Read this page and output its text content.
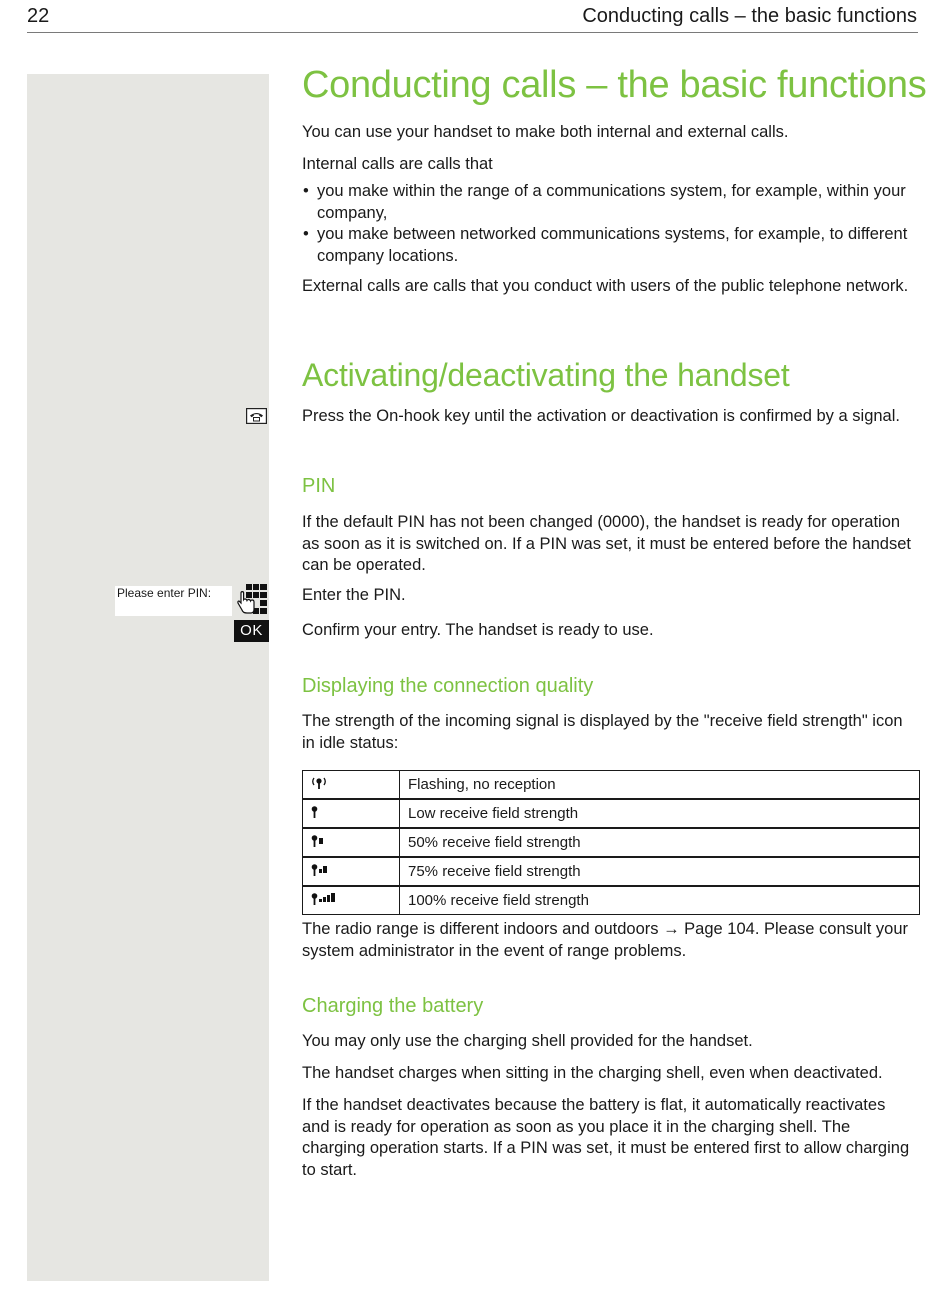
22	Conducting calls – the basic functions
Conducting calls – the basic functions
You can use your handset to make both internal and external calls.
Internal calls are calls that
• you make within the range of a communications system, for example, within your company,
• you make between networked communications systems, for example, to different company locations.
External calls are calls that you conduct with users of the public telephone network.
Activating/deactivating the handset
Press the On-hook key until the activation or deactivation is confirmed by a signal.
PIN
If the default PIN has not been changed (0000), the handset is ready for operation as soon as it is switched on. If a PIN was set, it must be entered before the handset can be operated.
Please enter PIN:	Enter the PIN.
OK	Confirm your entry. The handset is ready to use.
Displaying the connection quality
The strength of the incoming signal is displayed by the "receive field strength" icon in idle status:
	Flashing, no reception
	Low receive field strength
	50% receive field strength
	75% receive field strength
	100% receive field strength
The radio range is different indoors and outdoors → Page 104. Please consult your system administrator in the event of range problems.
Charging the battery
You may only use the charging shell provided for the handset.
The handset charges when sitting in the charging shell, even when deactivated.
If the handset deactivates because the battery is flat, it automatically reactivates and is ready for operation as soon as you place it in the charging shell. The charging operation starts. If a PIN was set, it must be entered first to allow charging to start.
